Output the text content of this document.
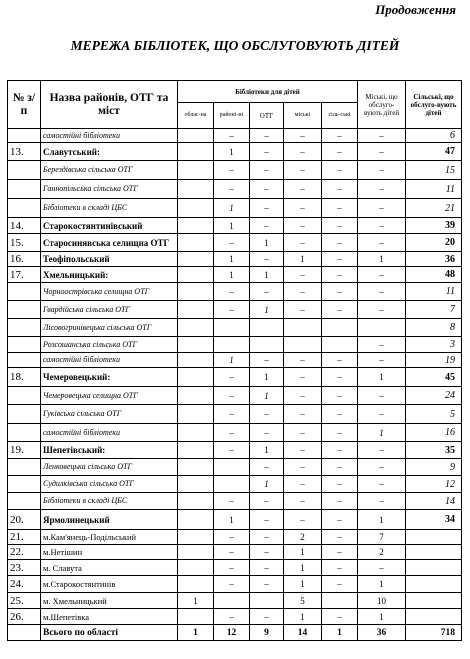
Продовження
МЕРЕЖА БІБЛІОТЕК, ЩО ОБСЛУГОВУЮТЬ ДІТЕЙ
№ з/п	Назва районів, ОТГ та міст	Бібліотеки для дітей					Міські, що обслуго-вують дітей	Сільські, що обслуго-вують дітей
		облас-на	районі-ні	ОТГ	міські	сіль-ські		
	самостійні бібліотеки		–	–	–	–	–	6
13.	Славутський:		1	–	–	–	–	47
	Берездівська сільська ОТГ		–	–	–	–	–	15
	Ганнопільська сільська ОТГ		–	–	–	–	–	11
	Бібліотеки в складі ЦБС		1	–	–	–	–	21
14.	Старокостянтинівський		1	–	–	–	–	39
15.	Старосинявська селищна ОТГ		–	1	–	–	–	20
16.	Теофіпольський		1	–	1	–	1	36
17.	Хмельницький:		1	1	–	–	–	48
	Чорноострівська селищна ОТГ		–	–	–	–	–	11
	Гвардійська сільська ОТГ		–	1	–	–	–	7
	Лісовогринівецька сільська ОТГ							8
	Розсошанська сільська ОТГ						–	3
	самостійні бібліотеки		1	–	–	–	–	19
18.	Чемеровецький:		–	1	–	–	1	45
	Чемеровецька селищна ОТГ		–	1	–	–	–	24
	Гуківська сільська ОТГ		–	–	–	–	–	5
	самостійні бібліотеки		–	–	–	–	1	16
19.	Шепетівський:		–	1	–	–	–	35
	Ленковецька сільська ОТГ			–	–	–	–	9
	Судилківська сільська ОТГ			1	–	–	–	12
	Бібліотеки в складі ЦБС		–	–	–	–	–	14
20.	Ярмолинецький		1	–	–	–	1	34
21.	м.Кам'янець-Подільський		–	–	2	–	7	
22.	м.Нетішин		–	–	1	–	2	
23.	м. Славута		–	–	1	–	–	
24.	м.Старокостянтинів		–	–	1	–	1	
25.	м. Хмельницький	1			5		10	
26.	м.Шепетівка		–	–	1	–	1	
	Всього по області	1	12	9	14	1	36	718
